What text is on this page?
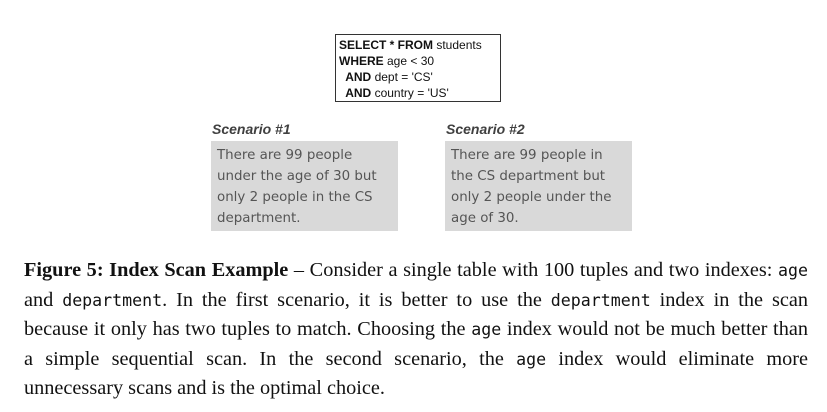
SELECT * FROM students
WHERE age < 30
AND dept = 'CS'
AND country = 'US'
Scenario #1
There are 99 people
under the age of 30 but
only 2 people in the CS
department.
Scenario #2
There are 99 people in
the CS department but
only 2 people under the
age of 30.
Figure 5: Index Scan Example – Consider a single table with 100 tuples and two indexes: age and department. In the first scenario, it is better to use the department index in the scan because it only has two tuples to match. Choosing the age index would not be much better than a simple sequential scan. In the second scenario, the age index would eliminate more unnecessary scans and is the optimal choice.
